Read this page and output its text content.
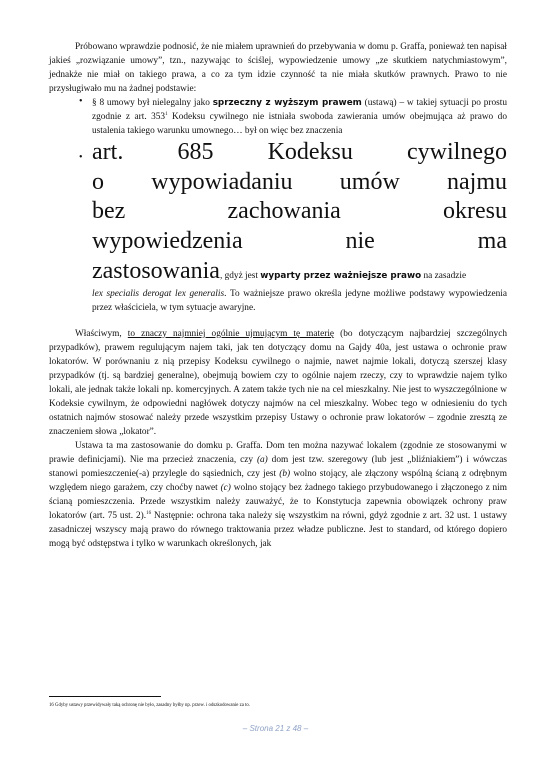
Próbowano wprawdzie podnosić, że nie miałem uprawnień do przebywania w domu p. Graffa, ponieważ ten napisał jakieś „rozwiązanie umowy”, tzn., nazywając to ściślej, wypowiedzenie umowy „ze skutkiem natychmiastowym”, jednakże nie miał on takiego prawa, a co za tym idzie czynność ta nie miała skutków prawnych. Prawo to nie przysługiwało mu na żadnej podstawie:

• § 8 umowy był nielegalny jako sprzeczny z wyższym prawem (ustawą) – w takiej sytuacji po prostu zgodnie z art. $353^1$ Kodeksu cywilnego nie istniała swoboda zawierania umów obejmująca aż prawo do ustalenia takiego warunku umownego… był on więc bez znaczenia

• art. 685 Kodeksu cywilnego
o wypowiadaniu umów najmu
bez zachowania okresu
wypowiedzenia nie ma
zastosowania, gdyż jest wyparty przez ważniejsze prawo na zasadzie

lex specialis derogat lex generalis. To ważniejsze prawo określa jedyne możliwe podstawy wypowiedzenia przez właściciela, w tym sytuacje awaryjne.

Właściwym, to znaczy najmniej ogólnie ujmującym tę materię (bo dotyczącym najbardziej szczególnych przypadków), prawem regulującym najem taki, jak ten dotyczący domu na Gajdy 40a, jest ustawa o ochronie praw lokatorów. W porównaniu z nią przepisy Kodeksu cywilnego o najmie, nawet najmie lokali, dotyczą szerszej klasy przypadków (tj. są bardziej generalne), obejmują bowiem czy to ogólnie najem rzeczy, czy to wprawdzie najem tylko lokali, ale jednak także lokali np. komercyjnych. A zatem także tych nie na cel mieszkalny. Nie jest to wyszczególnione w Kodeksie cywilnym, że odpowiedni nagłówek dotyczy najmów na cel mieszkalny. Wobec tego w odniesieniu do tych ostatnich najmów stosować należy przede wszystkim przepisy Ustawy o ochronie praw lokatorów – zgodnie zresztą ze znaczeniem słowa „lokator”.

Ustawa ta ma zastosowanie do domku p. Graffa. Dom ten można nazywać lokalem (zgodnie ze stosowanymi w prawie definicjami). Nie ma przecież znaczenia, czy (a) dom jest tzw. szeregowy (lub jest „bliźniakiem”) i wówczas stanowi pomieszczenie(-a) przylegle do sąsiednich, czy jest (b) wolno stojący, ale złączony wspólną ścianą z odrębnym względem niego garażem, czy choćby nawet (c) wolno stojący bez żadnego takiego przybudowanego i złączonego z nim ścianą pomieszczenia. Przede wszystkim należy zauważyć, że to Konstytucja zapewnia obowiązek ochrony praw lokatorów (art. 75 ust. 2).$^{16}$ Następnie: ochrona taka należy się wszystkim na równi, gdyż zgodnie z art. 32 ust. 1 ustawy zasadniczej wszyscy mają prawo do równego traktowania przez władze publiczne. Jest to standard, od którego dopiero mogą być odstępstwa i tylko w warunkach określonych, jak

16 Gdyby ustawy przewidywały taką ochronę nie było, zasadny byłby np. przew. i odszkodowanie za to.
– Strona 21 z 48 –
